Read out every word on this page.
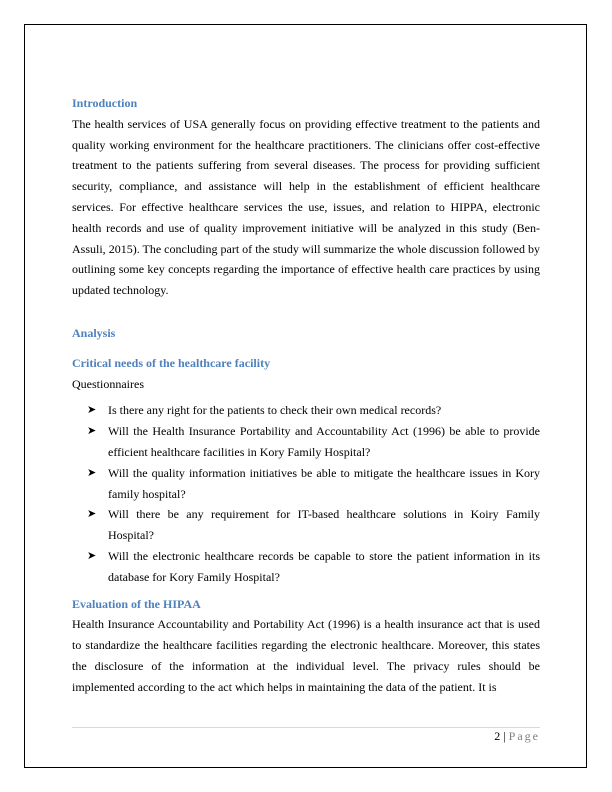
Introduction

The health services of USA generally focus on providing effective treatment to the patients and quality working environment for the healthcare practitioners. The clinicians offer cost-effective treatment to the patients suffering from several diseases. The process for providing sufficient security, compliance, and assistance will help in the establishment of efficient healthcare services. For effective healthcare services the use, issues, and relation to HIPPA, electronic health records and use of quality improvement initiative will be analyzed in this study (Ben-Assuli, 2015). The concluding part of the study will summarize the whole discussion followed by outlining some key concepts regarding the importance of effective health care practices by using updated technology.

Analysis

Critical needs of the healthcare facility

Questionnaires

➤ Is there any right for the patients to check their own medical records?
➤ Will the Health Insurance Portability and Accountability Act (1996) be able to provide efficient healthcare facilities in Kory Family Hospital?
➤ Will the quality information initiatives be able to mitigate the healthcare issues in Kory family hospital?
➤ Will there be any requirement for IT-based healthcare solutions in Koiry Family Hospital?
➤ Will the electronic healthcare records be capable to store the patient information in its database for Kory Family Hospital?

Evaluation of the HIPAA

Health Insurance Accountability and Portability Act (1996) is a health insurance act that is used to standardize the healthcare facilities regarding the electronic healthcare. Moreover, this states the disclosure of the information at the individual level. The privacy rules should be implemented according to the act which helps in maintaining the data of the patient. It is

2 | Page
